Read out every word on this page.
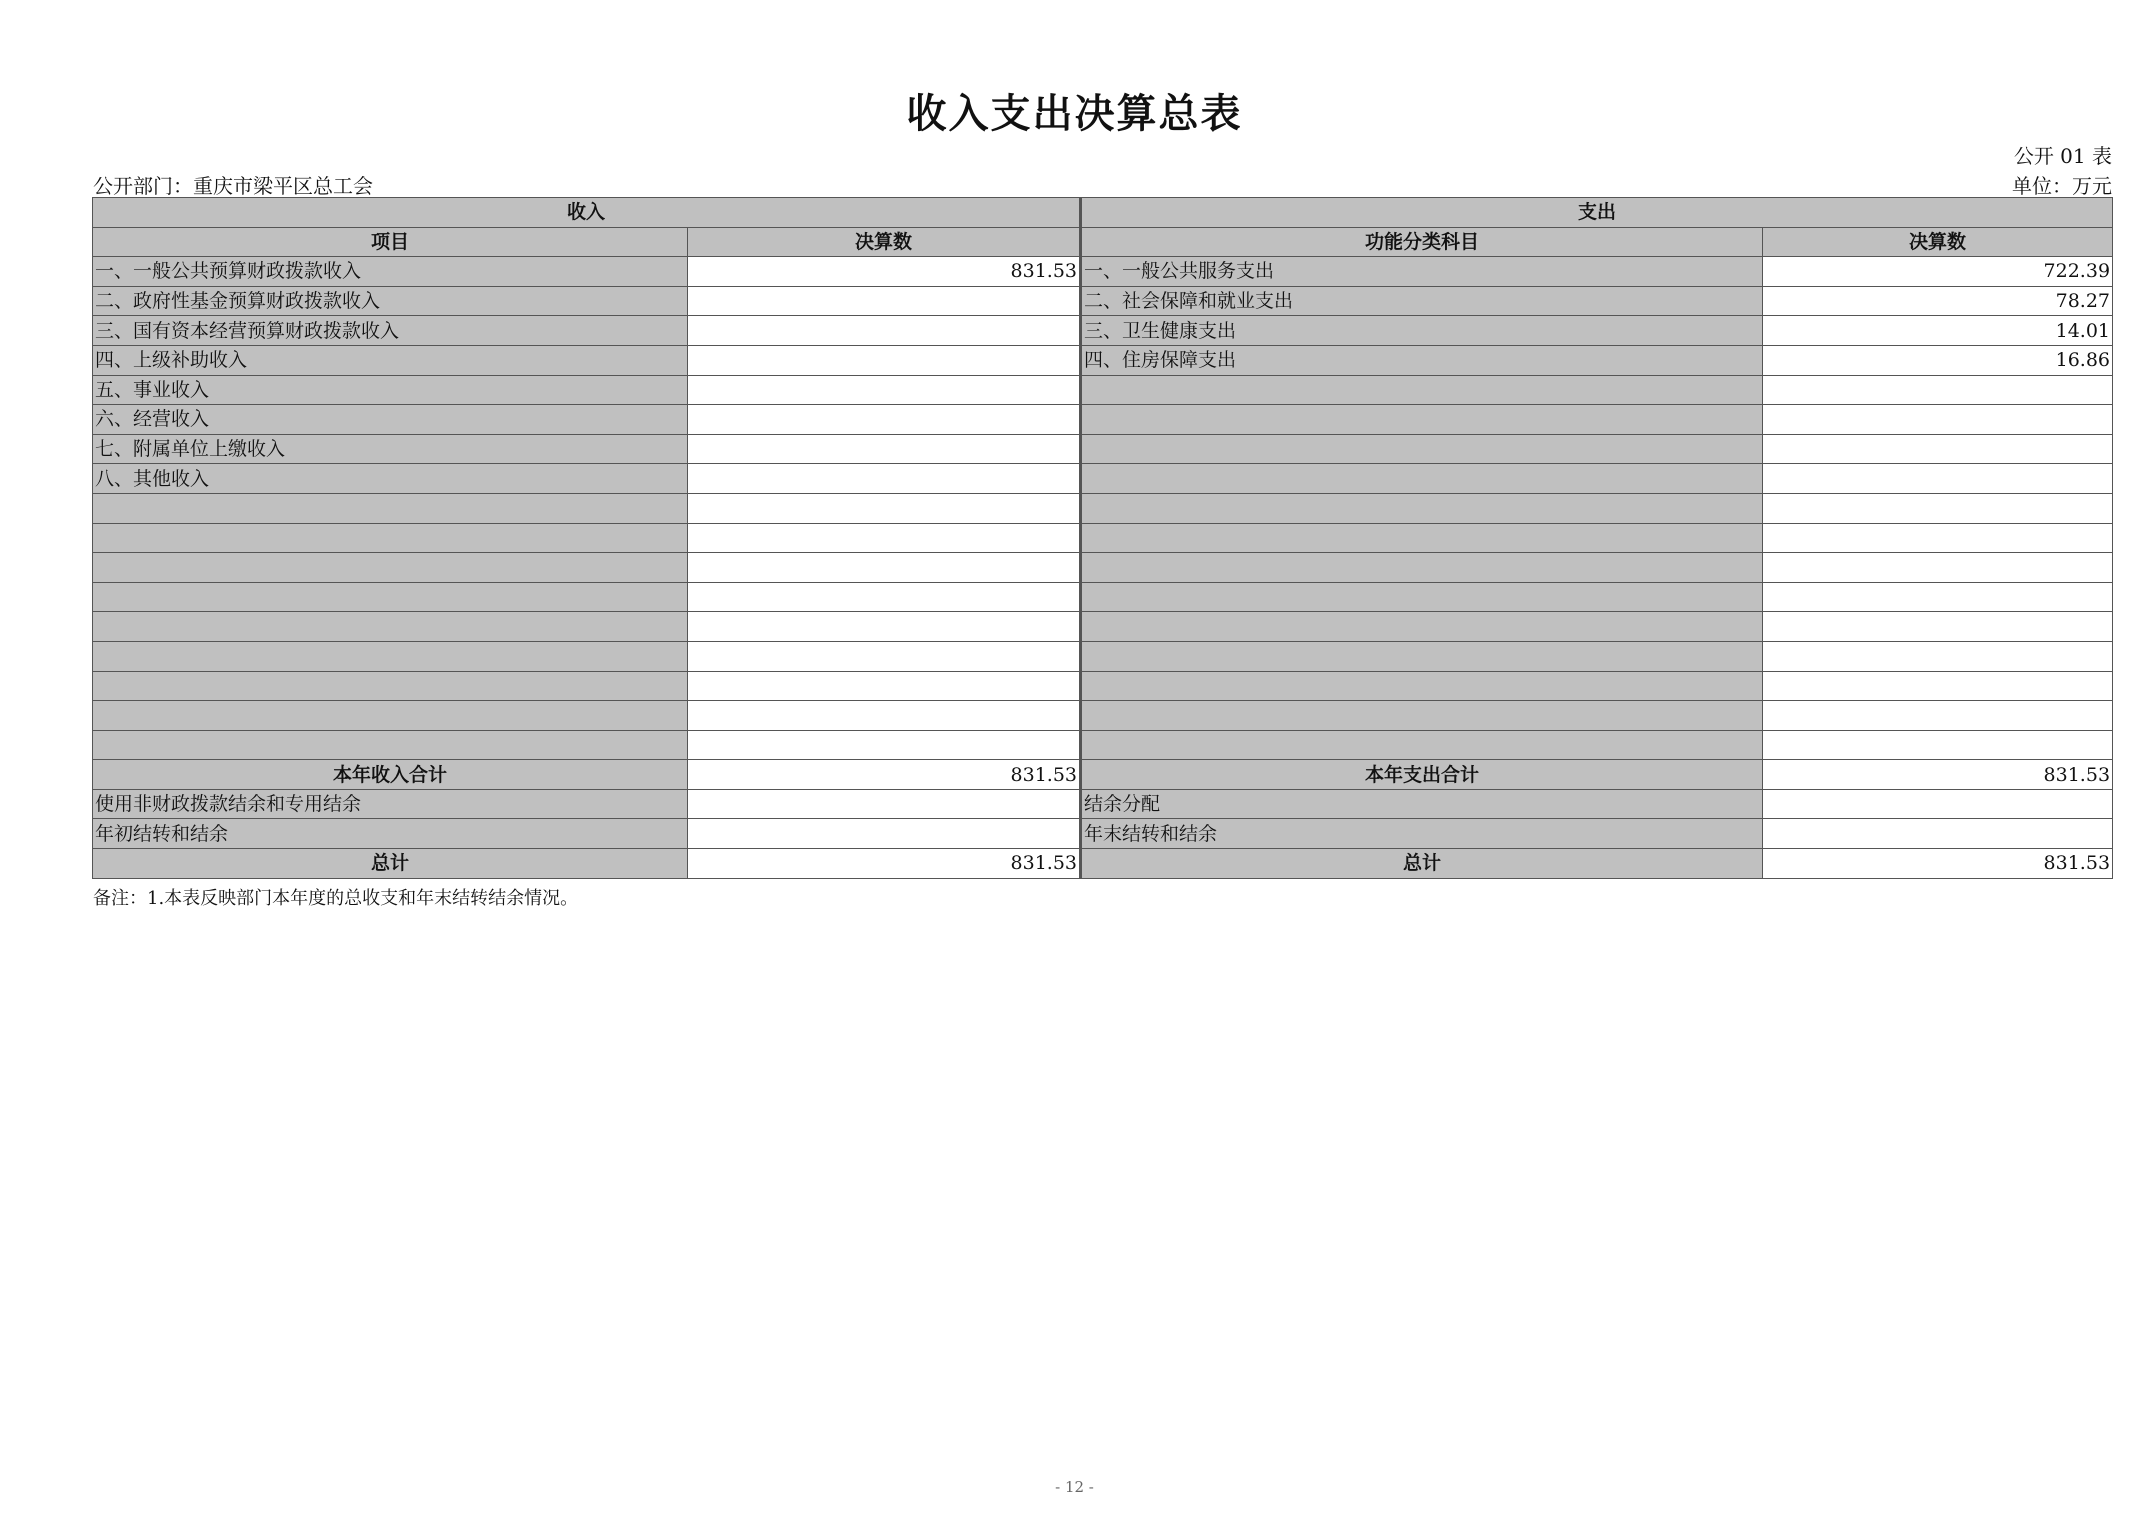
收入支出决算总表
公开 01 表
公开部门：重庆市梁平区总工会	单位：万元
收入		支出	
项目	决算数	功能分类科目	决算数
一、一般公共预算财政拨款收入	831.53	一、一般公共服务支出	722.39
二、政府性基金预算财政拨款收入		二、社会保障和就业支出	78.27
三、国有资本经营预算财政拨款收入		三、卫生健康支出	14.01
四、上级补助收入		四、住房保障支出	16.86
五、事业收入			
六、经营收入			
七、附属单位上缴收入			
八、其他收入			

本年收入合计	831.53	本年支出合计	831.53
使用非财政拨款结余和专用结余		结余分配	
年初结转和结余		年末结转和结余	
总计	831.53	总计	831.53
备注：1.本表反映部门本年度的总收支和年末结转结余情况。
- 12 -
